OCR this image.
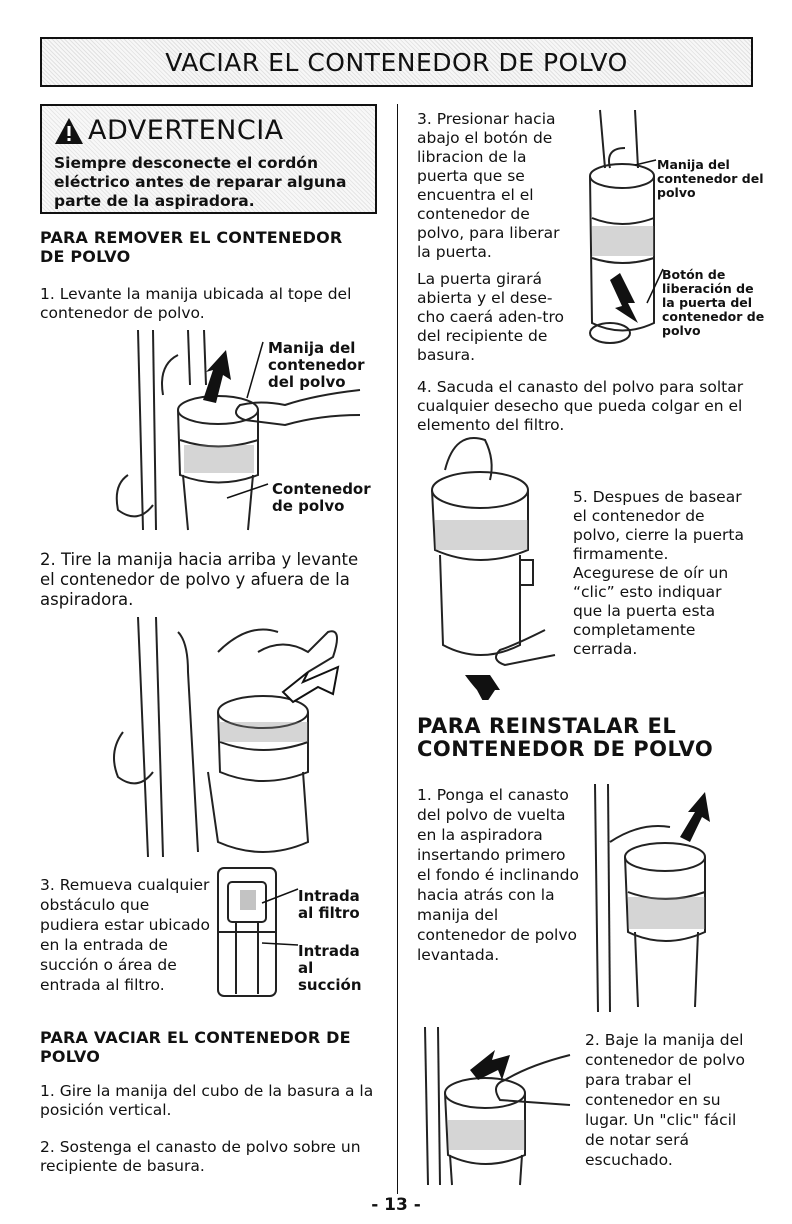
VACIAR EL CONTENEDOR DE POLVO
ADVERTENCIA
Siempre desconecte el cordón eléctrico antes de reparar alguna parte de la aspiradora.
PARA REMOVER EL CONTENEDOR DE POLVO
1. Levante la manija ubicada al tope del contenedor de polvo.
Manija del contenedor del polvo
Contenedor de polvo
2. Tire la manija hacia arriba y levante el contenedor de polvo y afuera de la aspiradora.
3. Remueva cualquier obstáculo que pudiera estar ubicado en la entrada de succión o área de entrada al filtro.
Intrada al filtro
Intrada al succión
PARA VACIAR EL CONTENEDOR DE POLVO
1. Gire la manija del cubo de la basura a la posición vertical.
2. Sostenga el canasto de polvo sobre un recipiente de basura.
3. Presionar hacia abajo el botón de libracion de la puerta que se encuentra el el contenedor de polvo, para liberar la puerta.
La puerta girará abierta y el dese-cho caerá aden-tro del recipiente de basura.
Manija del contenedor del polvo
Botón de liberación de la puerta del contenedor de polvo
4. Sacuda el canasto del polvo para soltar cualquier desecho que pueda colgar en el elemento del filtro.
5. Despues de basear el contenedor de polvo, cierre la puerta firmamente. Acegurese de oír un “clic” esto indiquar que la puerta esta completamente cerrada.
PARA REINSTALAR EL CONTENEDOR DE POLVO
1. Ponga el canasto del polvo de vuelta en la aspiradora insertando primero el fondo é inclinando hacia atrás con la manija del contenedor de polvo levantada.
2. Baje la manija del contenedor de polvo para trabar el contenedor en su lugar. Un "clic" fácil de notar será escuchado.
- 13 -
